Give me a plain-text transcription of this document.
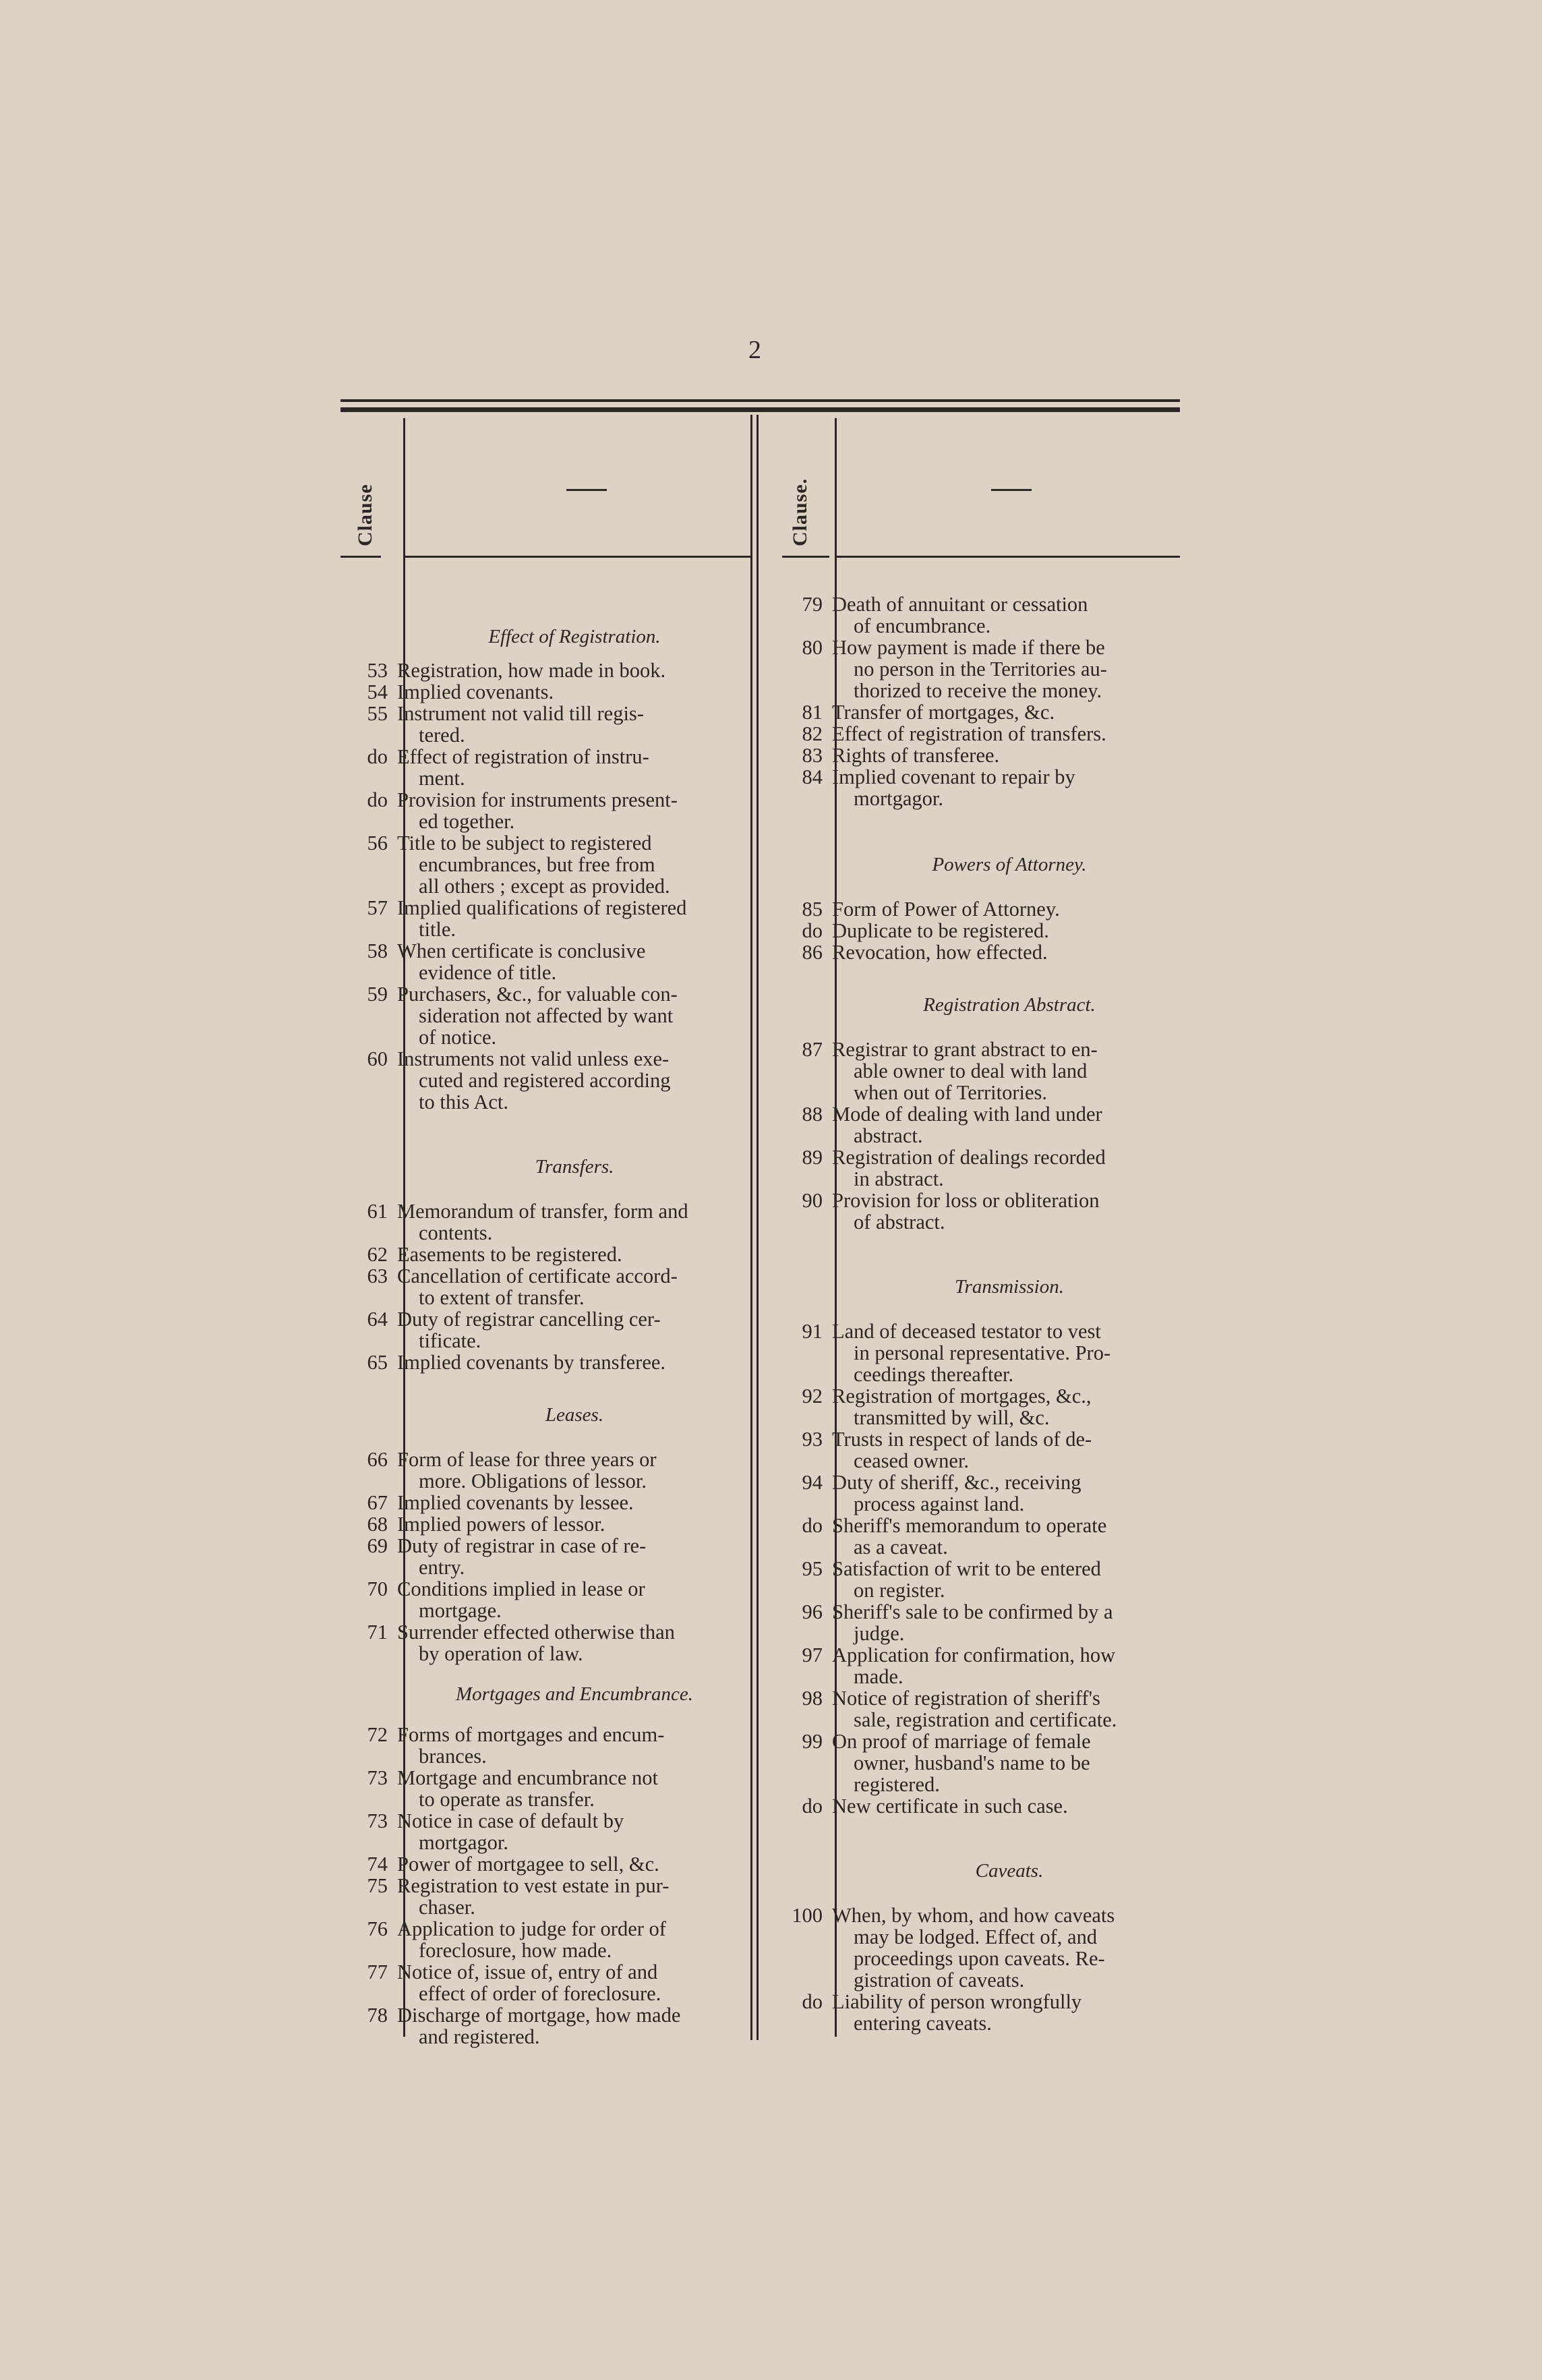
2
Clause	Clause.
Effect of Registration.
53 Registration, how made in book.
54 Implied covenants.
55 Instrument not valid till regis-
tered.
do Effect of registration of instru-
ment.
do Provision for instruments present-
ed together.
56 Title to be subject to registered
encumbrances, but free from
all others ; except as provided.
57 Implied qualifications of registered
title.
58 When certificate is conclusive
evidence of title.
59 Purchasers, &c., for valuable con-
sideration not affected by want
of notice.
60 Instruments not valid unless exe-
cuted and registered according
to this Act.
Transfers.
61 Memorandum of transfer, form and
contents.
62 Easements to be registered.
63 Cancellation of certificate accord-
to extent of transfer.
64 Duty of registrar cancelling cer-
tificate.
65 Implied covenants by transferee.
Leases.
66 Form of lease for three years or
more. Obligations of lessor.
67 Implied covenants by lessee.
68 Implied powers of lessor.
69 Duty of registrar in case of re-
entry.
70 Conditions implied in lease or
mortgage.
71 Surrender effected otherwise than
by operation of law.
Mortgages and Encumbrance.
72 Forms of mortgages and encum-
brances.
73 Mortgage and encumbrance not
to operate as transfer.
73 Notice in case of default by
mortgagor.
74 Power of mortgagee to sell, &c.
75 Registration to vest estate in pur-
chaser.
76 Application to judge for order of
foreclosure, how made.
77 Notice of, issue of, entry of and
effect of order of foreclosure.
78 Discharge of mortgage, how made
and registered.
79 Death of annuitant or cessation
of encumbrance.
80 How payment is made if there be
no person in the Territories au-
thorized to receive the money.
81 Transfer of mortgages, &c.
82 Effect of registration of transfers.
83 Rights of transferee.
84 Implied covenant to repair by
mortgagor.
Powers of Attorney.
85 Form of Power of Attorney.
do Duplicate to be registered.
86 Revocation, how effected.
Registration Abstract.
87 Registrar to grant abstract to en-
able owner to deal with land
when out of Territories.
88 Mode of dealing with land under
abstract.
89 Registration of dealings recorded
in abstract.
90 Provision for loss or obliteration
of abstract.
Transmission.
91 Land of deceased testator to vest
in personal representative. Pro-
ceedings thereafter.
92 Registration of mortgages, &c.,
transmitted by will, &c.
93 Trusts in respect of lands of de-
ceased owner.
94 Duty of sheriff, &c., receiving
process against land.
do Sheriff's memorandum to operate
as a caveat.
95 Satisfaction of writ to be entered
on register.
96 Sheriff's sale to be confirmed by a
judge.
97 Application for confirmation, how
made.
98 Notice of registration of sheriff's
sale, registration and certificate.
99 On proof of marriage of female
owner, husband's name to be
registered.
do New certificate in such case.
Caveats.
100 When, by whom, and how caveats
may be lodged. Effect of, and
proceedings upon caveats. Re-
gistration of caveats.
do Liability of person wrongfully
entering caveats.
